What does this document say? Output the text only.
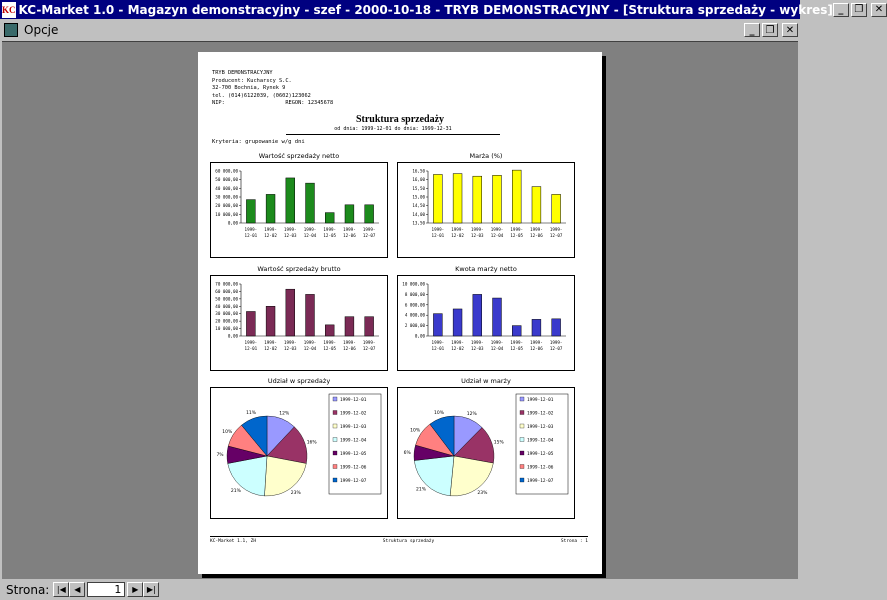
KC KC-Market 1.0 - Magazyn demonstracyjny - szef - 2000-10-18 - TRYB DEMONSTRACYJNY - [Struktura sprzedaży - wykres] _	❐	✕
Opcje	_	❐	✕
TRYB DEMONSTRACYJNY
Producent: Kucharscy S.C.
32-700 Bochnia, Rynek 9
tel. (014)6122039, (0602)123062
NIP:                   REGON: 12345678
Struktura sprzedaży
od dnia: 1999-12-01 do dnia: 1999-12-31
Kryteria: grupowanie w/g dni
Wartość sprzedaży netto
0,00
10 000,00
20 000,00
30 000,00
40 000,00
50 000,00
60 000,00
1999-
12-01
1999-
12-02
1999-
12-03
1999-
12-04
1999-
12-05
1999-
12-06
1999-
12-07
Marża (%)
13,50
14,00
14,50
15,00
15,50
16,00
16,50
1999-
12-01
1999-
12-02
1999-
12-03
1999-
12-04
1999-
12-05
1999-
12-06
1999-
12-07
Wartość sprzedaży brutto
0,00
10 000,00
20 000,00
30 000,00
40 000,00
50 000,00
60 000,00
70 000,00
1999-
12-01
1999-
12-02
1999-
12-03
1999-
12-04
1999-
12-05
1999-
12-06
1999-
12-07
Kwota marży netto
0,00
2 000,00
4 000,00
6 000,00
8 000,00
10 000,00
1999-
12-01
1999-
12-02
1999-
12-03
1999-
12-04
1999-
12-05
1999-
12-06
1999-
12-07
Udział w sprzedaży
12%
16%
23%
21%
7%
10%
11%
1999-12-01
1999-12-02
1999-12-03
1999-12-04
1999-12-05
1999-12-06
1999-12-07
Udział w marży
12%
15%
23%
21%
6%
10%
10%
1999-12-01
1999-12-02
1999-12-03
1999-12-04
1999-12-05
1999-12-06
1999-12-07
KC-Market 1.1, ZH	Struktura sprzedaży	Strona : 1
Strona: |◀ ◀
1	▶ ▶|
